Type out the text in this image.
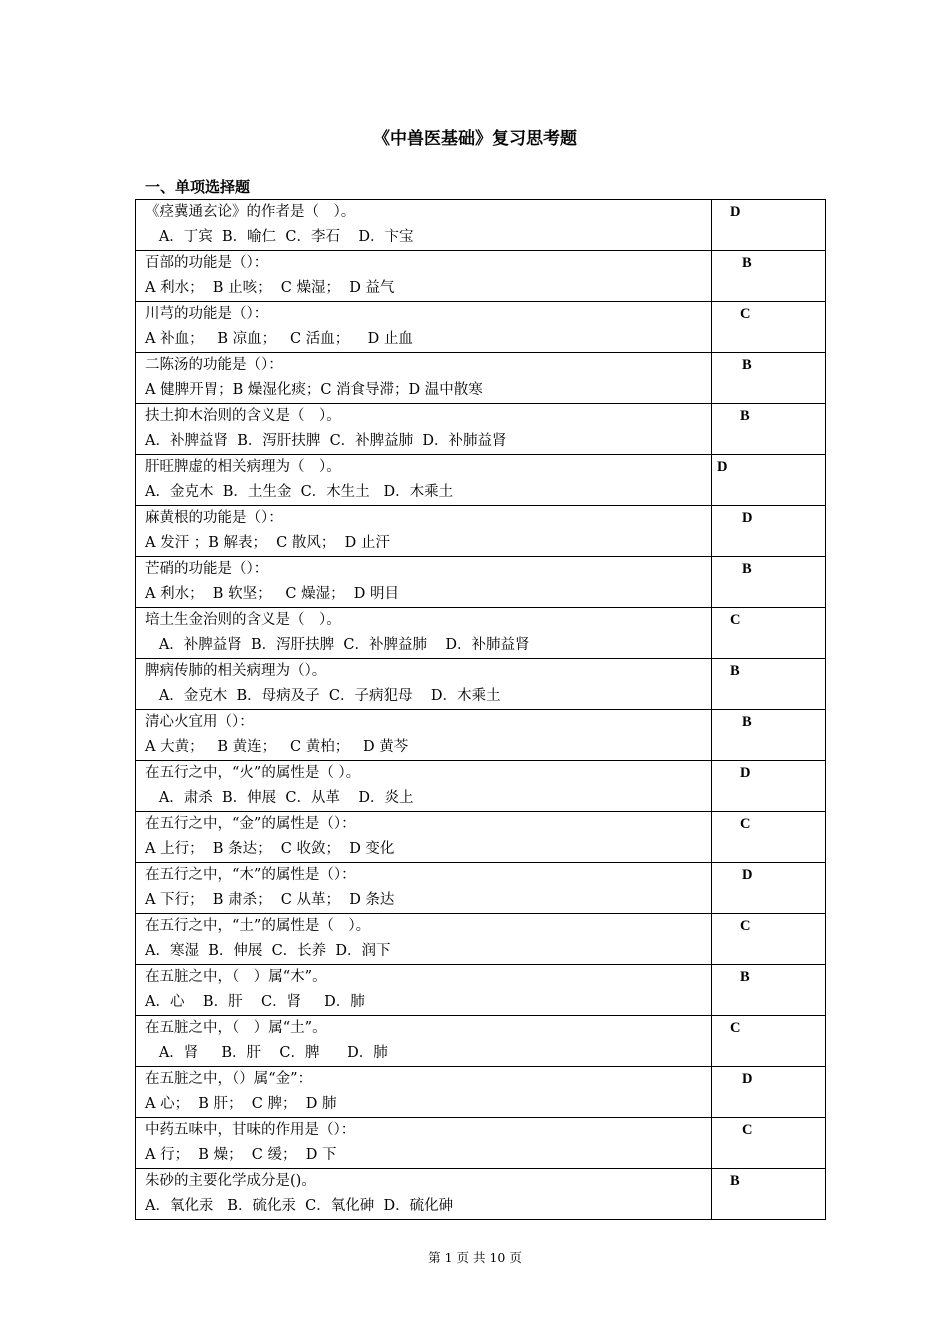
《中兽医基础》复习思考题
一、单项选择题
《痉冀通玄论》的作者是（　）。
A．丁宾  B．喻仁  C．李石    D．卞宝	D

百部的功能是（）：
A 利水；  B 止咳；  C 燥湿；  D 益气	B

川芎的功能是（）：
A 补血；   B 凉血；   C 活血；    D 止血	C

二陈汤的功能是（）：
A 健脾开胃；B 燥湿化痰；C 消食导滞；D 温中散寒	B

扶土抑木治则的含义是（　）。
A．补脾益肾  B．泻肝扶脾  C．补脾益肺  D．补肺益肾	B

肝旺脾虚的相关病理为（　）。
A．金克木  B．土生金  C．木生土   D．木乘土	D

麻黄根的功能是（）：
A 发汗 ；B 解表；  C 散风；  D 止汗	D

芒硝的功能是（）：
A 利水；  B 软坚；   C 燥湿；  D 明目	B

培土生金治则的含义是（　）。
A．补脾益肾  B．泻肝扶脾  C．补脾益肺    D．补肺益肾	C

脾病传肺的相关病理为（）。
A．金克木  B．母病及子  C．子病犯母    D．木乘土	B

清心火宜用（）：
A 大黄；   B 黄连；   C 黄柏；   D 黄芩	B

在五行之中，“火”的属性是（ ）。
A．肃杀  B．伸展  C．从革    D．炎上	D

在五行之中，“金”的属性是（）：
A 上行；  B 条达；  C 收敛；  D 变化	C

在五行之中，“木”的属性是（）：
A 下行；  B 肃杀；  C 从革；  D 条达	D

在五行之中，“土”的属性是（　）。
A．寒湿  B．伸展  C．长养  D．润下	C

在五脏之中，（　）属“木”。
A．心    B．肝    C．肾     D．肺	B

在五脏之中，（　）属“土”。
A．肾     B．肝    C．脾      D．肺	C

在五脏之中，（）属“金”：
A 心；  B 肝；  C 脾；  D 肺	D

中药五味中，甘味的作用是（）：
A 行；  B 燥；  C 缓；  D 下	C

朱砂的主要化学成分是()。
A．氧化汞   B．硫化汞  C．氧化砷  D．硫化砷	B
第 1 页 共 10 页
